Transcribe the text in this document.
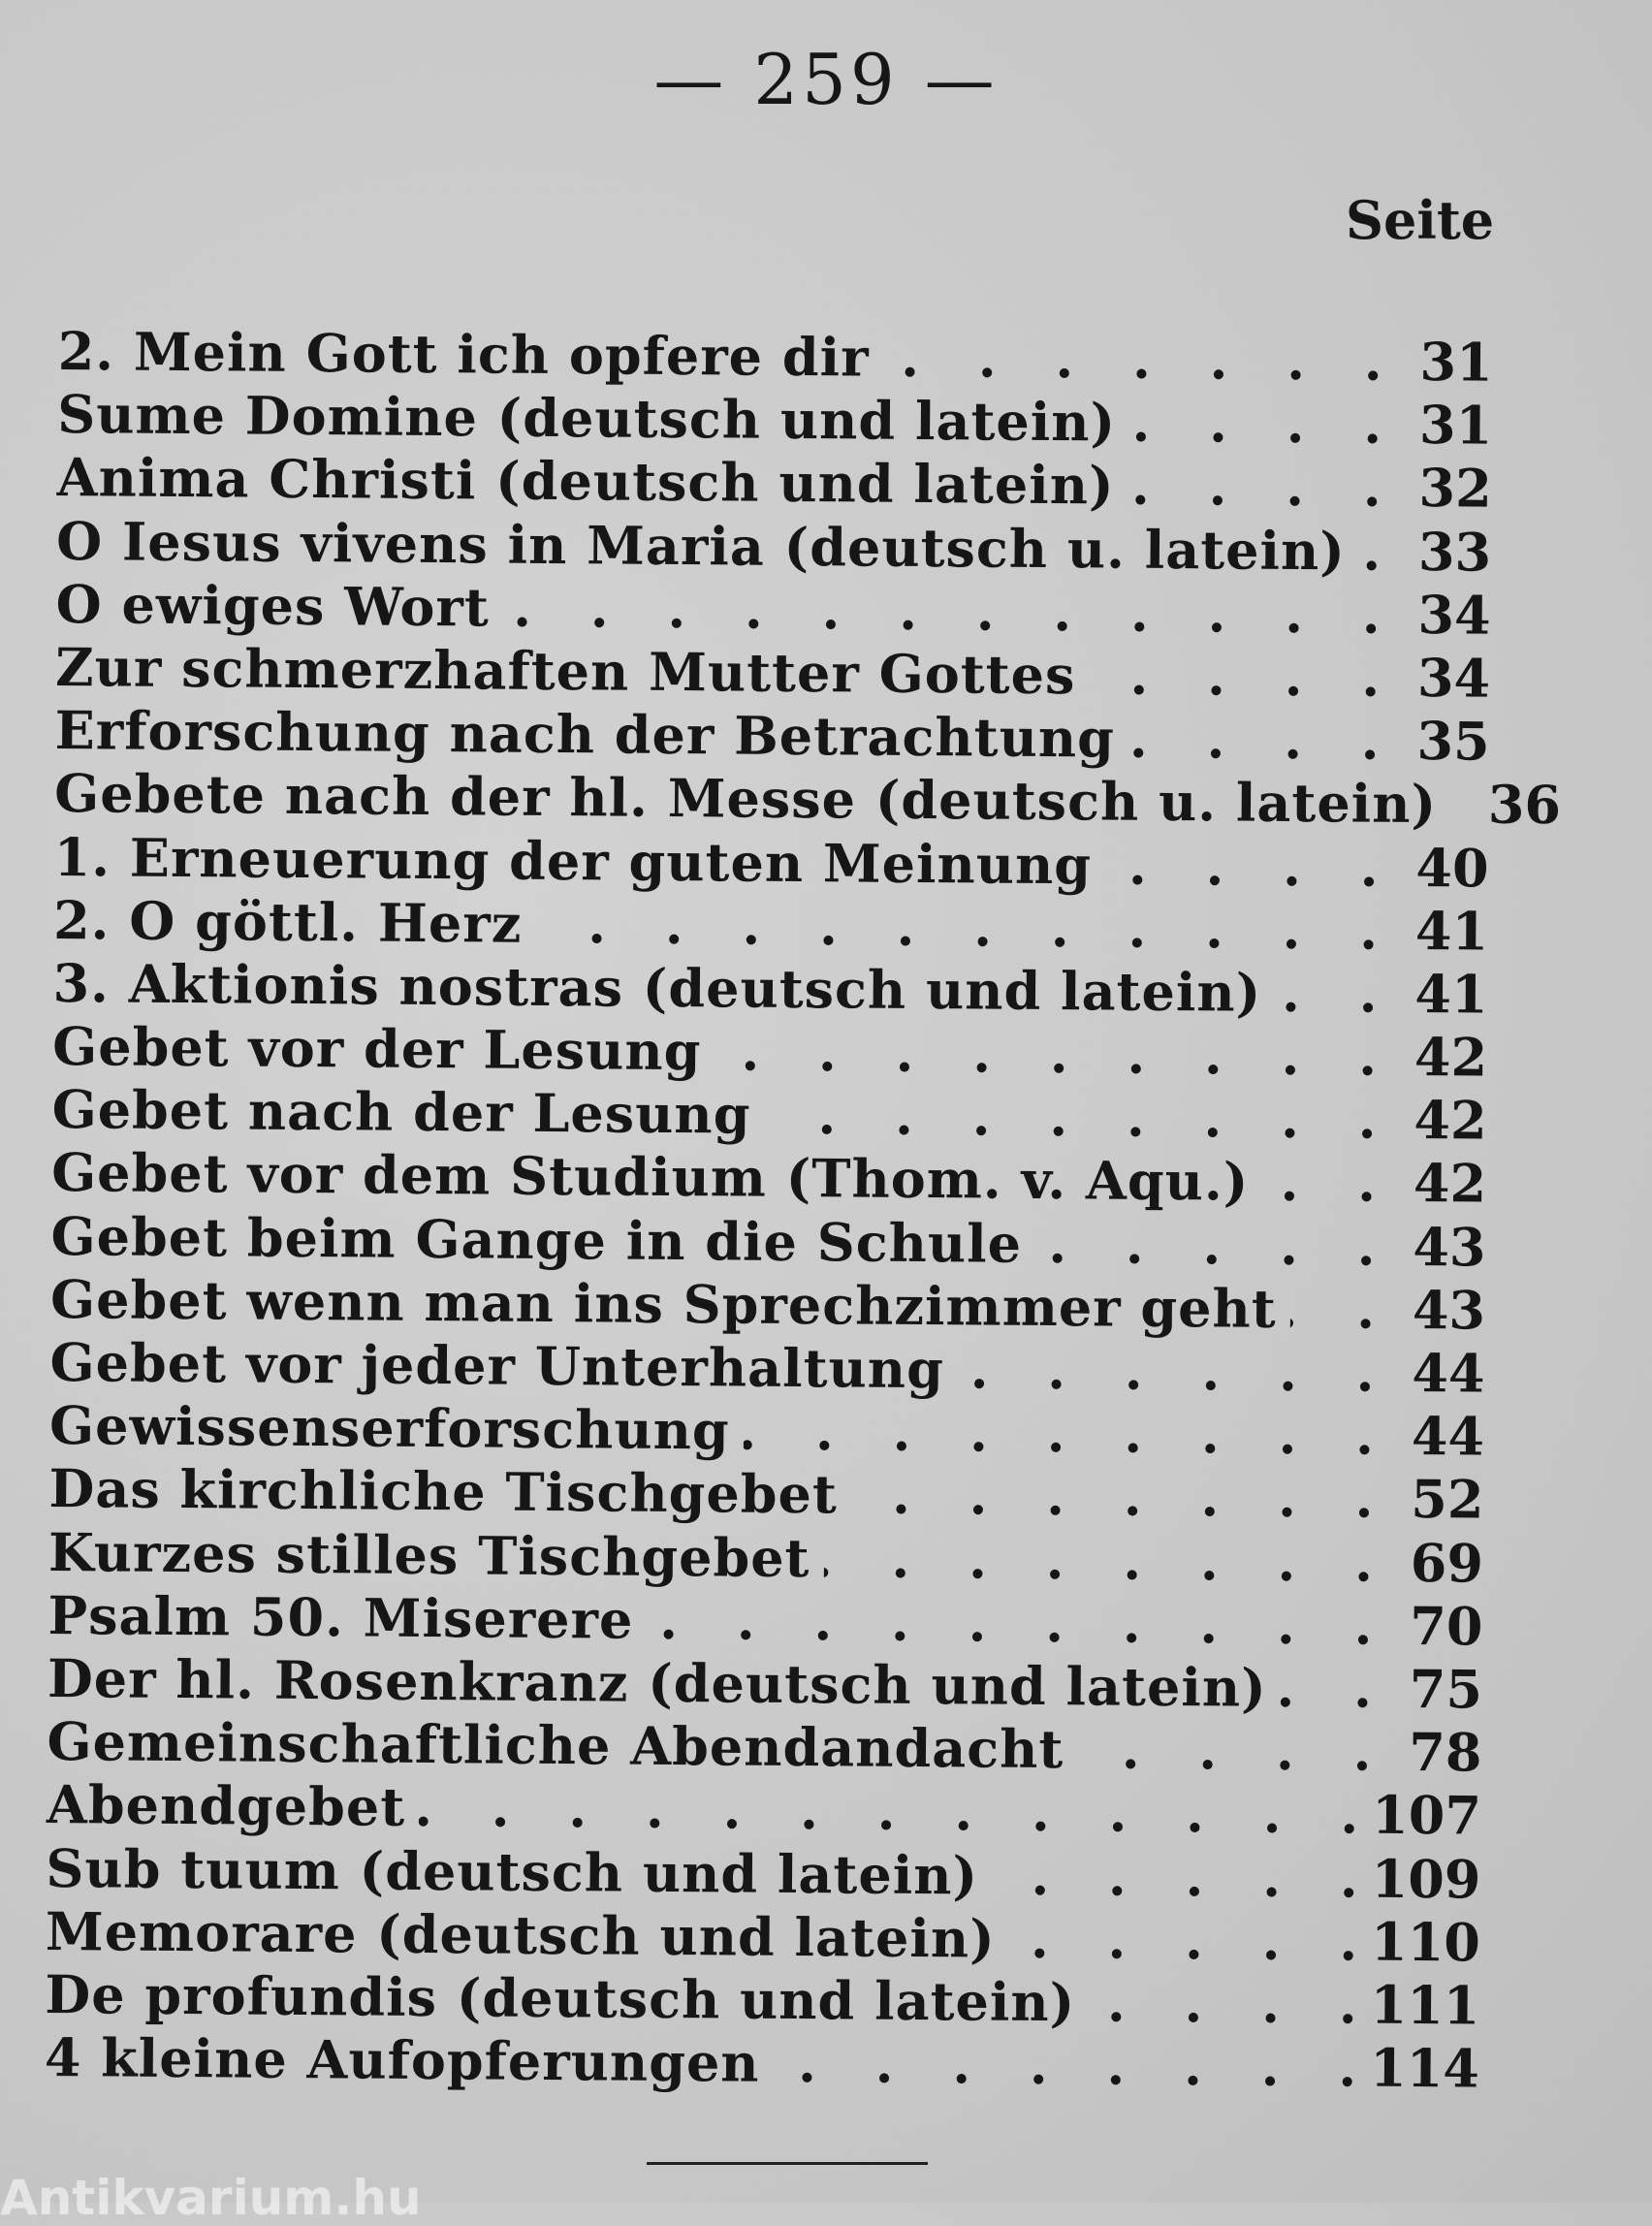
— 259 —
Seite
2. Mein Gott ich opfere dir . . .	31
Sume Domine (deutsch und latein) . . .	31
Anima Christi (deutsch und latein) . . .	32
O Iesus vivens in Maria (deutsch u. latein) . . .	33
O ewiges Wort . . .	34
Zur schmerzhaften Mutter Gottes . . .	34
Erforschung nach der Betrachtung . . .	35
Gebete nach der hl. Messe (deutsch u. latein) . . . 36
1. Erneuerung der guten Meinung . . .	40
2. O göttl. Herz . . .	41
3. Aktionis nostras (deutsch und latein) . . .	41
Gebet vor der Lesung . . .	42
Gebet nach der Lesung . . .	42
Gebet vor dem Studium (Thom. v. Aqu.) . . .	42
Gebet beim Gange in die Schule . . .	43
Gebet wenn man ins Sprechzimmer geht . . .	43
Gebet vor jeder Unterhaltung . . .	44
Gewissenserforschung . . .	44
Das kirchliche Tischgebet . . .	52
Kurzes stilles Tischgebet . . .	69
Psalm 50. Miserere . . .	70
Der hl. Rosenkranz (deutsch und latein) . . .	75
Gemeinschaftliche Abendandacht . . .	78
Abendgebet . . .	107
Sub tuum (deutsch und latein) . . .	109
Memorare (deutsch und latein) . . .	110
De profundis (deutsch und latein) . . .	111
4 kleine Aufopferungen . . .	114
Antikvarium.hu
